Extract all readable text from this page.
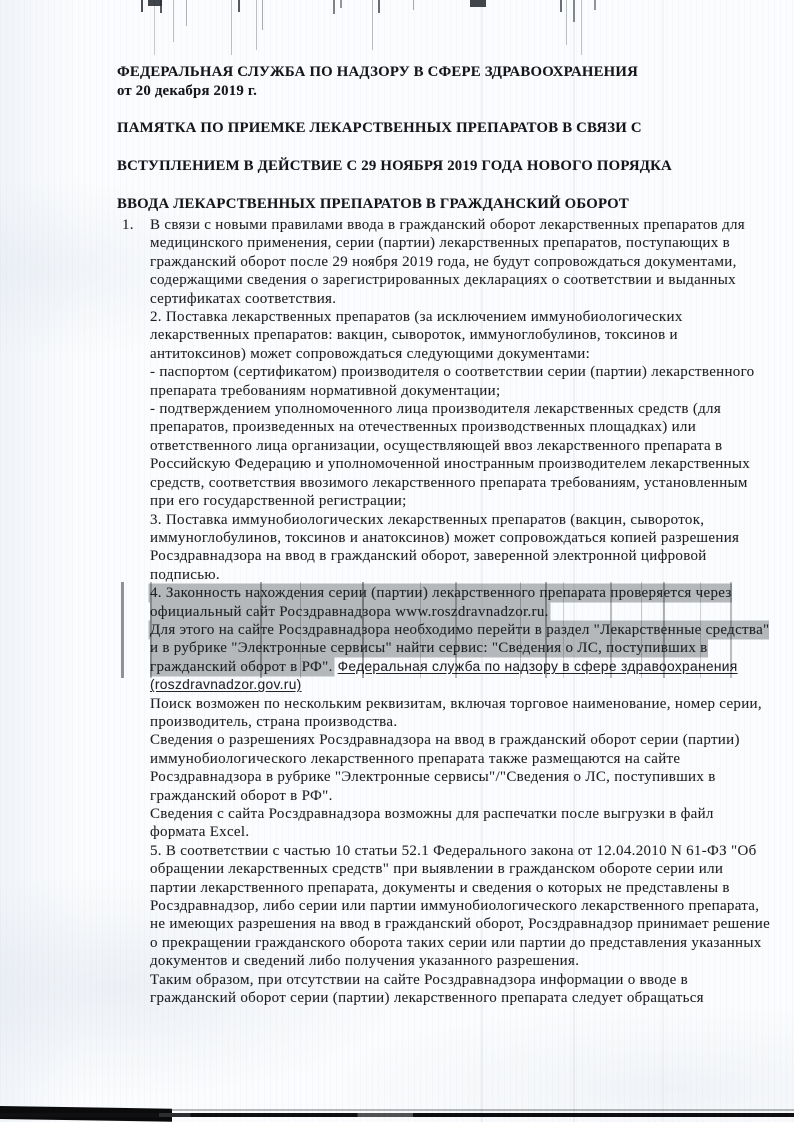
ФЕДЕРАЛЬНАЯ СЛУЖБА ПО НАДЗОРУ В СФЕРЕ ЗДРАВООХРАНЕНИЯ
от 20 декабря 2019 г.
ПАМЯТКА ПО ПРИЕМКЕ ЛЕКАРСТВЕННЫХ ПРЕПАРАТОВ В СВЯЗИ С
ВСТУПЛЕНИЕМ В ДЕЙСТВИЕ С 29 НОЯБРЯ 2019 ГОДА НОВОГО ПОРЯДКА
ВВОДА ЛЕКАРСТВЕННЫХ ПРЕПАРАТОВ В ГРАЖДАНСКИЙ ОБОРОТ
1.	В связи с новыми правилами ввода в гражданский оборот лекарственных препаратов для медицинского применения, серии (партии) лекарственных препаратов, поступающих в гражданский оборот после 29 ноября 2019 года, не будут сопровождаться документами, содержащими сведения о зарегистрированных декларациях о соответствии и выданных сертификатах соответствия.

2. Поставка лекарственных препаратов (за исключением иммунобиологических лекарственных препаратов: вакцин, сывороток, иммуноглобулинов, токсинов и антитоксинов) может сопровождаться следующими документами:

- паспортом (сертификатом) производителя о соответствии серии (партии) лекарственного препарата требованиям нормативной документации;

- подтверждением уполномоченного лица производителя лекарственных средств (для препаратов, произведенных на отечественных производственных площадках) или ответственного лица организации, осуществляющей ввоз лекарственного препарата в Российскую Федерацию и уполномоченной иностранным производителем лекарственных средств, соответствия ввозимого лекарственного препарата требованиям, установленным при его государственной регистрации;

3. Поставка иммунобиологических лекарственных препаратов (вакцин, сывороток, иммуноглобулинов, токсинов и анатоксинов) может сопровождаться копией разрешения Росздравнадзора на ввод в гражданский оборот, заверенной электронной цифровой подписью.

4. Законность нахождения серии (партии) лекарственного препарата проверяется через официальный сайт Росздравнадзора www.roszdravnadzor.ru.

Для этого на сайте Росздравнадзора необходимо перейти в раздел "Лекарственные средства" и в рубрике "Электронные сервисы" найти сервис: "Сведения о ЛС, поступивших в гражданский оборот в РФ". Федеральная служба по надзору в сфере здравоохранения (roszdravnadzor.gov.ru)

Поиск возможен по нескольким реквизитам, включая торговое наименование, номер серии, производитель, страна производства.

Сведения о разрешениях Росздравнадзора на ввод в гражданский оборот серии (партии) иммунобиологического лекарственного препарата также размещаются на сайте Росздравнадзора в рубрике "Электронные сервисы"/"Сведения о ЛС, поступивших в гражданский оборот в РФ".

Сведения с сайта Росздравнадзора возможны для распечатки после выгрузки в файл формата Excel.

5. В соответствии с частью 10 статьи 52.1 Федерального закона от 12.04.2010 N 61-ФЗ "Об обращении лекарственных средств" при выявлении в гражданском обороте серии или партии лекарственного препарата, документы и сведения о которых не представлены в Росздравнадзор, либо серии или партии иммунобиологического лекарственного препарата, не имеющих разрешения на ввод в гражданский оборот, Росздравнадзор принимает решение о прекращении гражданского оборота таких серии или партии до представления указанных документов и сведений либо получения указанного разрешения.

Таким образом, при отсутствии на сайте Росздравнадзора информации о вводе в гражданский оборот серии (партии) лекарственного препарата следует обращаться
